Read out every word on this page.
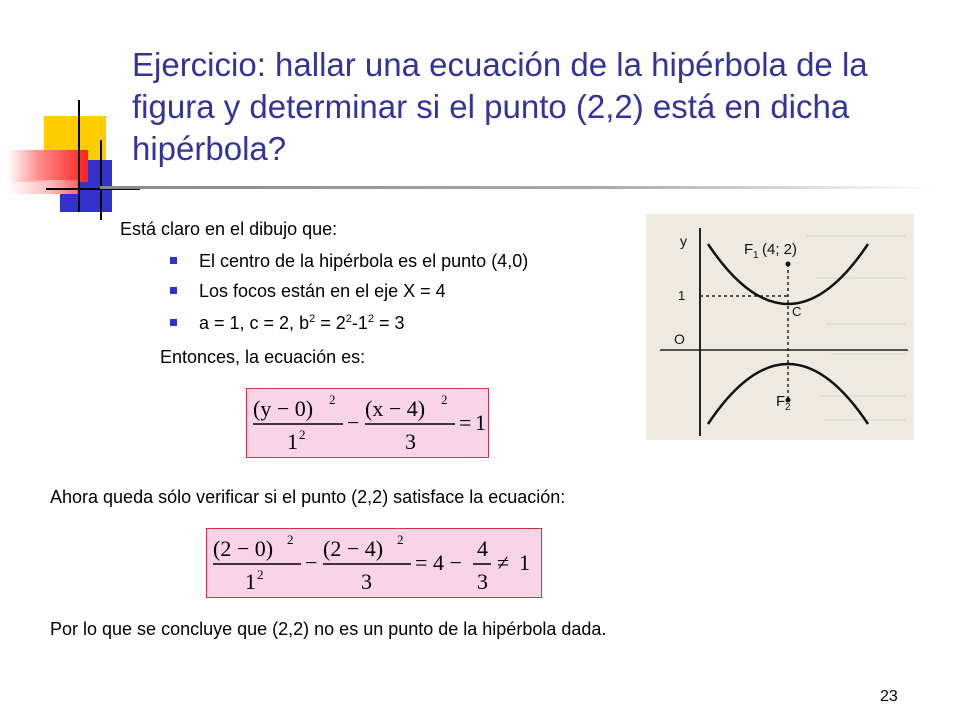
Ejercicio: hallar una ecuación de la hipérbola de la figura y determinar si el punto (2,2) está en dicha hipérbola?
Está claro en el dibujo que:
El centro de la hipérbola es el punto (4,0)
Los focos están en el eje X = 4
a = 1, c = 2, $b^2 = 2^2-1^2 = 3$
Entonces, la ecuación es:
(y − 0) 2
1 2 −
(x − 4) 2
3
= 1
y	F 1 (4; 2)
1
C
O
F 2
Ahora queda sólo verificar si el punto (2,2) satisface la ecuación:
(2 − 0) 2
1 2 −
(2 − 4) 2
3
= 4 −
4
3
≠ 1
Por lo que se concluye que (2,2) no es un punto de la hipérbola dada.
23
